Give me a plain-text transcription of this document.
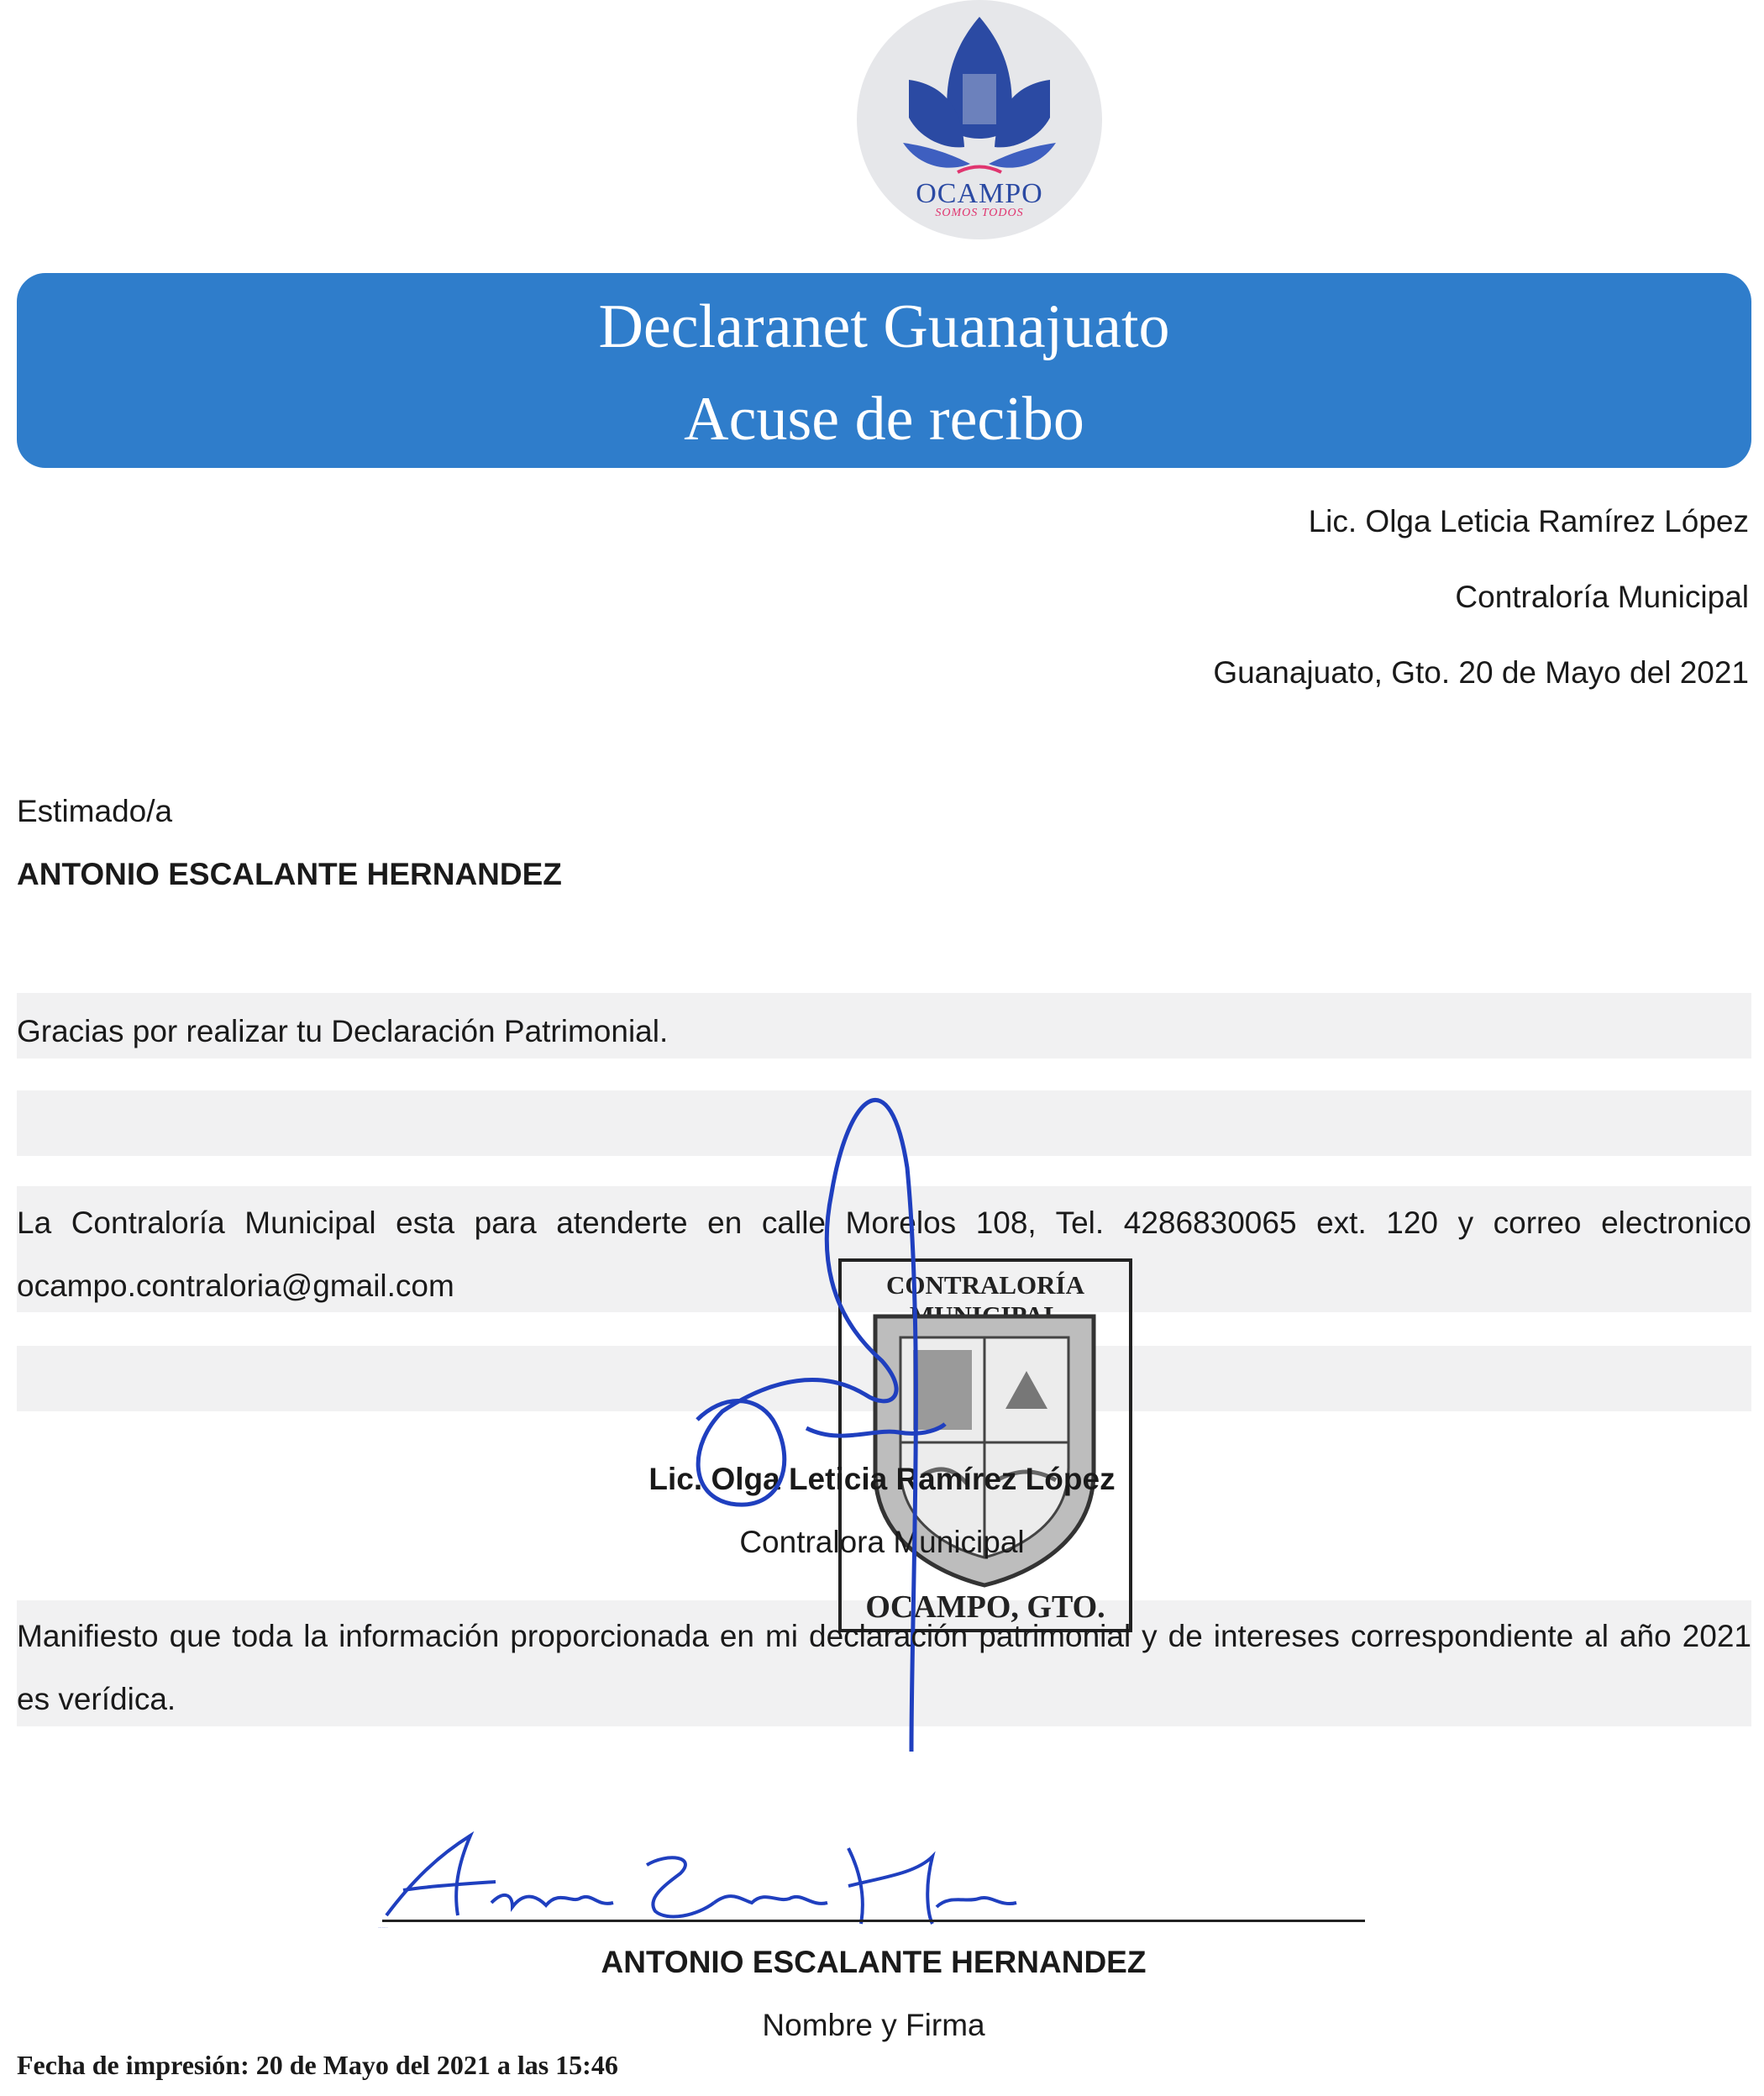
OCAMPO
SOMOS TODOS
Declaranet Guanajuato
Acuse de recibo
Lic. Olga Leticia Ramírez López
Contraloría Municipal
Guanajuato, Gto. 20 de Mayo del 2021
Estimado/a
ANTONIO ESCALANTE HERNANDEZ
Gracias por realizar tu Declaración Patrimonial.
La Contraloría Municipal esta para atenderte en calle Morelos 108, Tel. 4286830065 ext. 120 y correo electronico ocampo.contraloria@gmail.com	CONTRALORÍA
OCAMPO, GTO.
Lic. Olga Leticia Ramírez López
Contralora Municipal
Manifiesto que toda la información proporcionada en mi declaración patrimonial y de intereses correspondiente al año 2021 es verídica.
Antonio Escalante Hdz.
ANTONIO ESCALANTE HERNANDEZ
Nombre y Firma
Fecha de impresión: 20 de Mayo del 2021 a las 15:46
